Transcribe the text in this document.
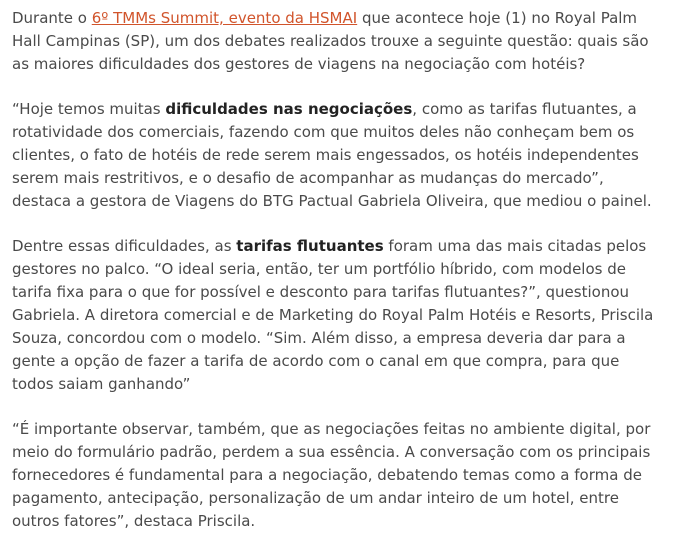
Durante o 6º TMMs Summit, evento da HSMAI que acontece hoje (1) no Royal Palm Hall Campinas (SP), um dos debates realizados trouxe a seguinte questão: quais são as maiores dificuldades dos gestores de viagens na negociação com hotéis?

“Hoje temos muitas dificuldades nas negociações, como as tarifas flutuantes, a rotatividade dos comerciais, fazendo com que muitos deles não conheçam bem os clientes, o fato de hotéis de rede serem mais engessados, os hotéis independentes serem mais restritivos, e o desafio de acompanhar as mudanças do mercado”, destaca a gestora de Viagens do BTG Pactual Gabriela Oliveira, que mediou o painel.

Dentre essas dificuldades, as tarifas flutuantes foram uma das mais citadas pelos gestores no palco. “O ideal seria, então, ter um portfólio híbrido, com modelos de tarifa fixa para o que for possível e desconto para tarifas flutuantes?”, questionou Gabriela. A diretora comercial e de Marketing do Royal Palm Hotéis e Resorts, Priscila Souza, concordou com o modelo. “Sim. Além disso, a empresa deveria dar para a gente a opção de fazer a tarifa de acordo com o canal em que compra, para que todos saiam ganhando”

“É importante observar, também, que as negociações feitas no ambiente digital, por meio do formulário padrão, perdem a sua essência. A conversação com os principais fornecedores é fundamental para a negociação, debatendo temas como a forma de pagamento, antecipação, personalização de um andar inteiro de um hotel, entre outros fatores”, destaca Priscila.
